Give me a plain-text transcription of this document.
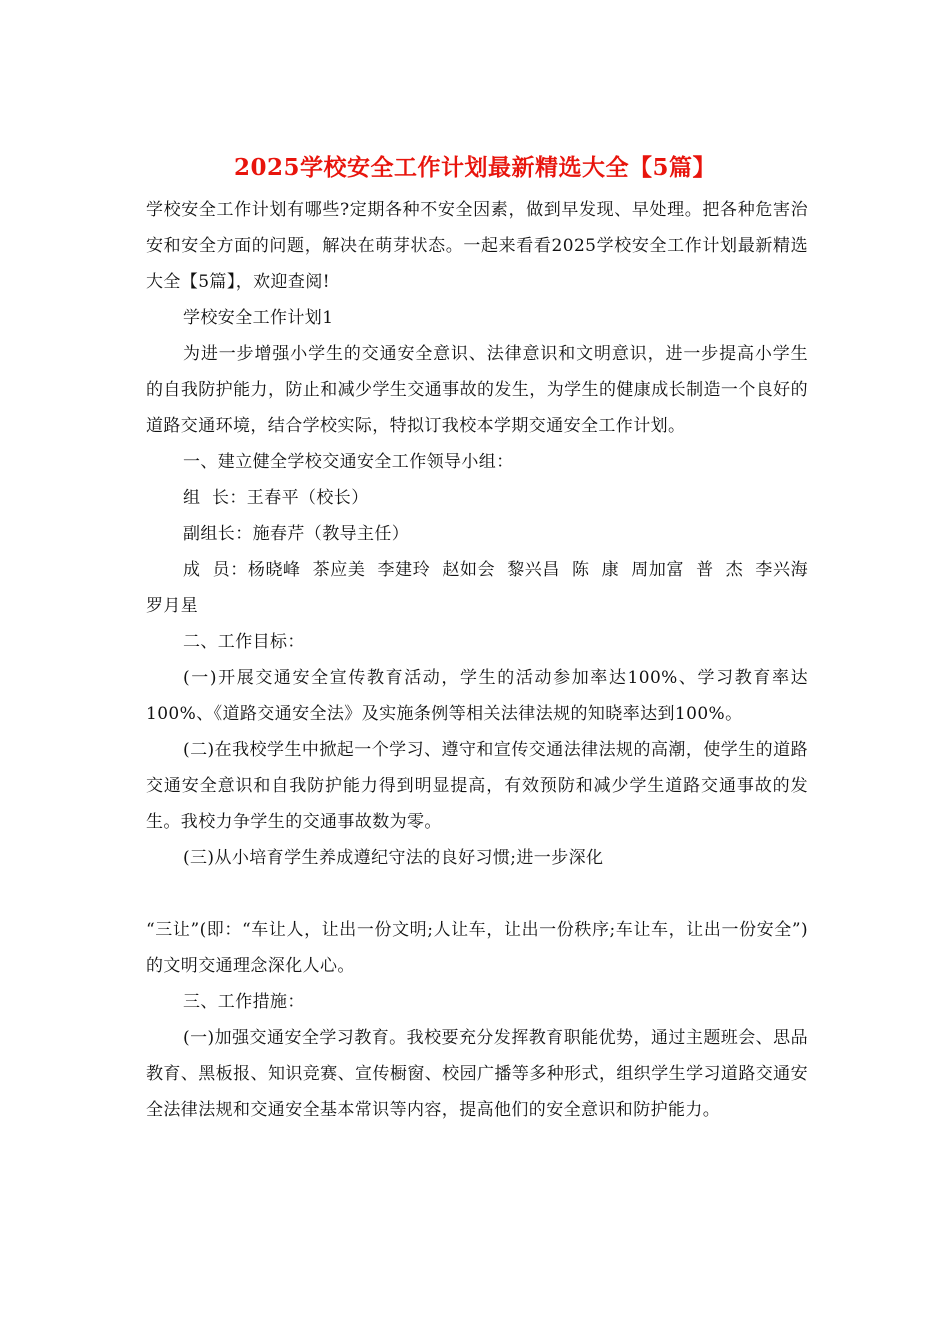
2025学校安全工作计划最新精选大全【5篇】

学校安全工作计划有哪些?定期各种不安全因素，做到早发现、早处理。把各种危害治安和安全方面的问题，解决在萌芽状态。一起来看看2025学校安全工作计划最新精选大全【5篇】，欢迎查阅!

学校安全工作计划1

为进一步增强小学生的交通安全意识、法律意识和文明意识，进一步提高小学生的自我防护能力，防止和减少学生交通事故的发生，为学生的健康成长制造一个良好的道路交通环境，结合学校实际，特拟订我校本学期交通安全工作计划。

一、建立健全学校交通安全工作领导小组：

组  长：王春平（校长）

副组长：施春芹（教导主任）

成  员：杨晓峰  茶应美  李建玲  赵如会  黎兴昌  陈  康  周加富  普  杰  李兴海  罗月星

二、工作目标：

(一)开展交通安全宣传教育活动，学生的活动参加率达100%、学习教育率达100%、《道路交通安全法》及实施条例等相关法律法规的知晓率达到100%。

(二)在我校学生中掀起一个学习、遵守和宣传交通法律法规的高潮，使学生的道路交通安全意识和自我防护能力得到明显提高，有效预防和减少学生道路交通事故的发生。我校力争学生的交通事故数为零。

(三)从小培育学生养成遵纪守法的良好习惯;进一步深化

“三让”(即：“车让人，让出一份文明;人让车，让出一份秩序;车让车，让出一份安全”)的文明交通理念深化人心。

三、工作措施：

(一)加强交通安全学习教育。我校要充分发挥教育职能优势，通过主题班会、思品教育、黑板报、知识竞赛、宣传橱窗、校园广播等多种形式，组织学生学习道路交通安全法律法规和交通安全基本常识等内容，提高他们的安全意识和防护能力。
